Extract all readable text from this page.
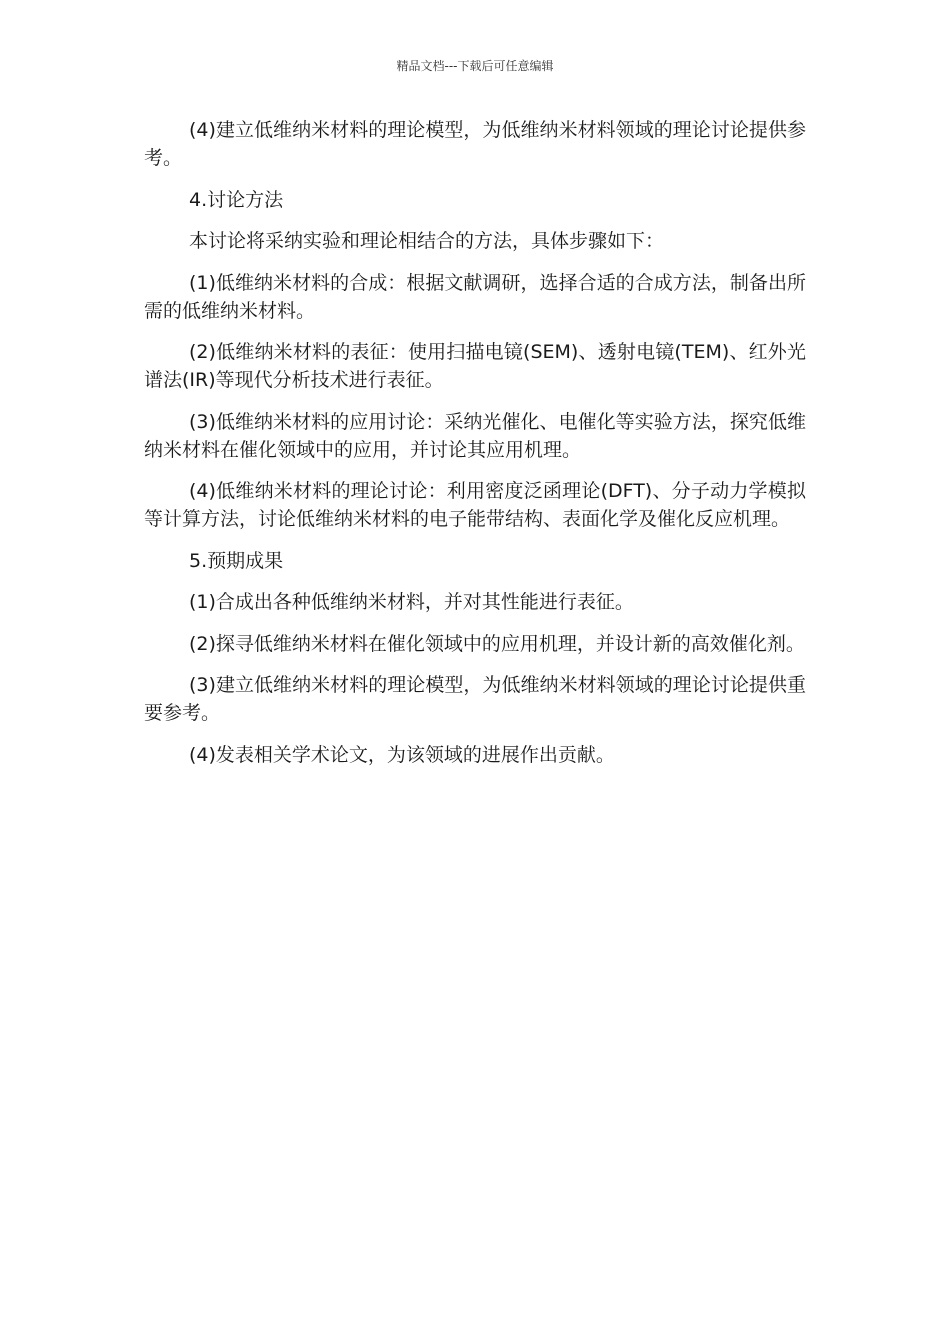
精品文档---下载后可任意编辑

(4)建立低维纳米材料的理论模型，为低维纳米材料领域的理论讨论提供参考。

4.讨论方法

本讨论将采纳实验和理论相结合的方法，具体步骤如下：

(1)低维纳米材料的合成：根据文献调研，选择合适的合成方法，制备出所需的低维纳米材料。

(2)低维纳米材料的表征：使用扫描电镜(SEM)、透射电镜(TEM)、红外光谱法(IR)等现代分析技术进行表征。

(3)低维纳米材料的应用讨论：采纳光催化、电催化等实验方法，探究低维纳米材料在催化领域中的应用，并讨论其应用机理。

(4)低维纳米材料的理论讨论：利用密度泛函理论(DFT)、分子动力学模拟等计算方法，讨论低维纳米材料的电子能带结构、表面化学及催化反应机理。

5.预期成果

(1)合成出各种低维纳米材料，并对其性能进行表征。

(2)探寻低维纳米材料在催化领域中的应用机理，并设计新的高效催化剂。

(3)建立低维纳米材料的理论模型，为低维纳米材料领域的理论讨论提供重要参考。

(4)发表相关学术论文，为该领域的进展作出贡献。
